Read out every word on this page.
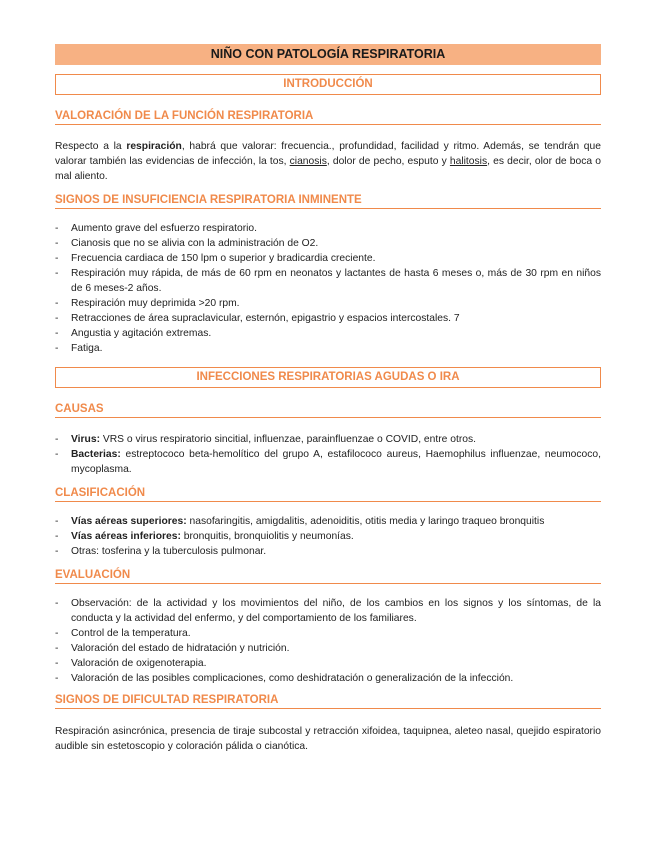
NIÑO CON PATOLOGÍA RESPIRATORIA
INTRODUCCIÓN
VALORACIÓN DE LA FUNCIÓN RESPIRATORIA

Respecto a la respiración, habrá que valorar: frecuencia., profundidad, facilidad y ritmo. Además, se tendrán que valorar también las evidencias de infección, la tos, cianosis, dolor de pecho, esputo y halitosis, es decir, olor de boca o mal aliento.

SIGNOS DE INSUFICIENCIA RESPIRATORIA INMINENTE
- Aumento grave del esfuerzo respiratorio.
- Cianosis que no se alivia con la administración de O2.
- Frecuencia cardiaca de 150 lpm o superior y bradicardia creciente.
- Respiración muy rápida, de más de 60 rpm en neonatos y lactantes de hasta 6 meses o, más de 30 rpm en niños de 6 meses-2 años.
- Respiración muy deprimida >20 rpm.
- Retracciones de área supraclavicular, esternón, epigastrio y espacios intercostales. 7
- Angustia y agitación extremas.
- Fatiga.
INFECCIONES RESPIRATORIAS AGUDAS O IRA
CAUSAS
- Virus: VRS o virus respiratorio sincitial, influenzae, parainfluenzae o COVID, entre otros.
- Bacterias: estreptococo beta-hemolítico del grupo A, estafilococo aureus, Haemophilus influenzae, neumococo, mycoplasma.
CLASIFICACIÓN
- Vías aéreas superiores: nasofaringitis, amigdalitis, adenoiditis, otitis media y laringo traqueo bronquitis
- Vías aéreas inferiores: bronquitis, bronquiolitis y neumonías.
- Otras: tosferina y la tuberculosis pulmonar.
EVALUACIÓN
- Observación: de la actividad y los movimientos del niño, de los cambios en los signos y los síntomas, de la conducta y la actividad del enfermo, y del comportamiento de los familiares.
- Control de la temperatura.
- Valoración del estado de hidratación y nutrición.
- Valoración de oxigenoterapia.
- Valoración de las posibles complicaciones, como deshidratación o generalización de la infección.
SIGNOS DE DIFICULTAD RESPIRATORIA

Respiración asincrónica, presencia de tiraje subcostal y retracción xifoidea, taquipnea, aleteo nasal, quejido espiratorio audible sin estetoscopio y coloración pálida o cianótica.
